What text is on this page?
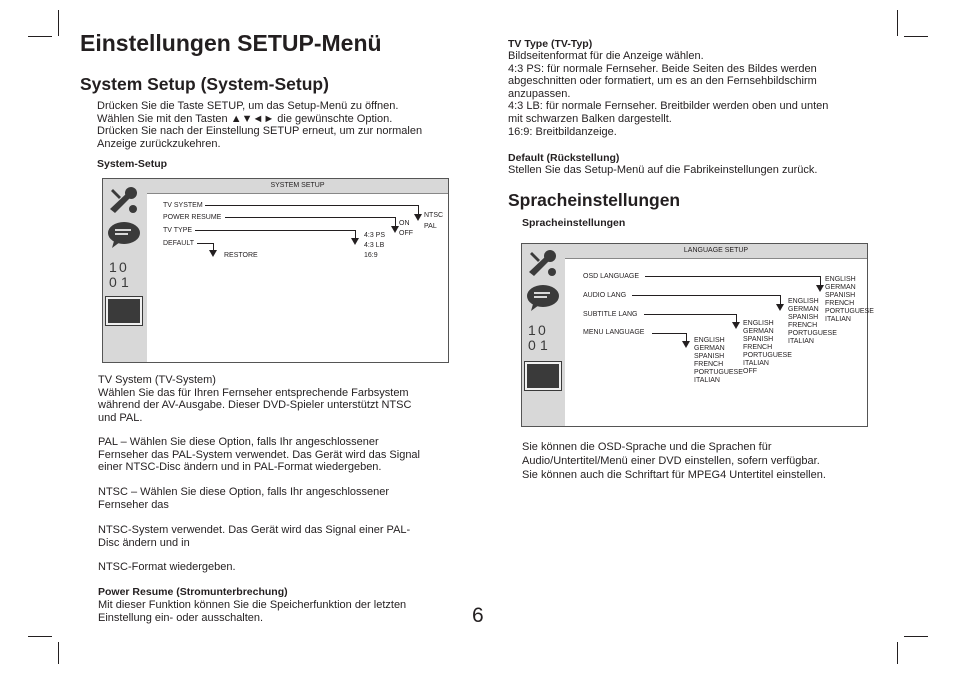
Einstellungen SETUP-Menü
System Setup (System-Setup)
Drücken Sie die Taste SETUP, um das Setup-Menü zu öffnen.
Wählen Sie mit den Tasten ▲▼◄► die gewünschte Option.
Drücken Sie nach der Einstellung SETUP erneut, um zur normalen
Anzeige zurückzukehren.
System-Setup
SYSTEM SETUP
1 0
0 1
TV SYSTEM
POWER RESUME
TV TYPE
DEFAULT
NTSC
PAL
ON
OFF
4:3 PS
4:3 LB
16:9
RESTORE
TV System (TV-System)
Wählen Sie das für Ihren Fernseher entsprechende Farbsystem
während der AV-Ausgabe. Dieser DVD-Spieler unterstützt NTSC
und PAL.
PAL – Wählen Sie diese Option, falls Ihr angeschlossener
Fernseher das PAL-System verwendet. Das Gerät wird das Signal
einer NTSC-Disc ändern und in PAL-Format wiedergeben.
NTSC – Wählen Sie diese Option, falls Ihr angeschlossener
Fernseher das
NTSC-System verwendet. Das Gerät wird das Signal einer PAL-
Disc ändern und in
NTSC-Format wiedergeben.
Power Resume (Stromunterbrechung)
Mit dieser Funktion können Sie die Speicherfunktion der letzten
Einstellung ein- oder ausschalten.	6
TV Type (TV-Typ)
Bildseitenformat für die Anzeige wählen.
4:3 PS: für normale Fernseher. Beide Seiten des Bildes werden
abgeschnitten oder formatiert, um es an den Fernsehbildschirm
anzupassen.
4:3 LB: für normale Fernseher. Breitbilder werden oben und unten
mit schwarzen Balken dargestellt.
16:9: Breitbildanzeige.
Default (Rückstellung)
Stellen Sie das Setup-Menü auf die Fabrikeinstellungen zurück.
Spracheinstellungen
Spracheinstellungen
LANGUAGE SETUP
1 0
0 1
OSD LANGUAGE
AUDIO LANG
SUBTITLE LANG
MENU LANGUAGE
ENGLISH
GERMAN
SPANISH
FRENCH
PORTUGUESE
ITALIAN
ENGLISH
GERMAN
SPANISH
FRENCH
PORTUGUESE
ITALIAN
ENGLISH
GERMAN
SPANISH
FRENCH
PORTUGUESE
ITALIAN
OFF
ENGLISH
GERMAN
SPANISH
FRENCH
PORTUGUESE
ITALIAN
Sie können die OSD-Sprache und die Sprachen für
Audio/Untertitel/Menü einer DVD einstellen, sofern verfügbar.
Sie können auch die Schriftart für MPEG4 Untertitel einstellen.
